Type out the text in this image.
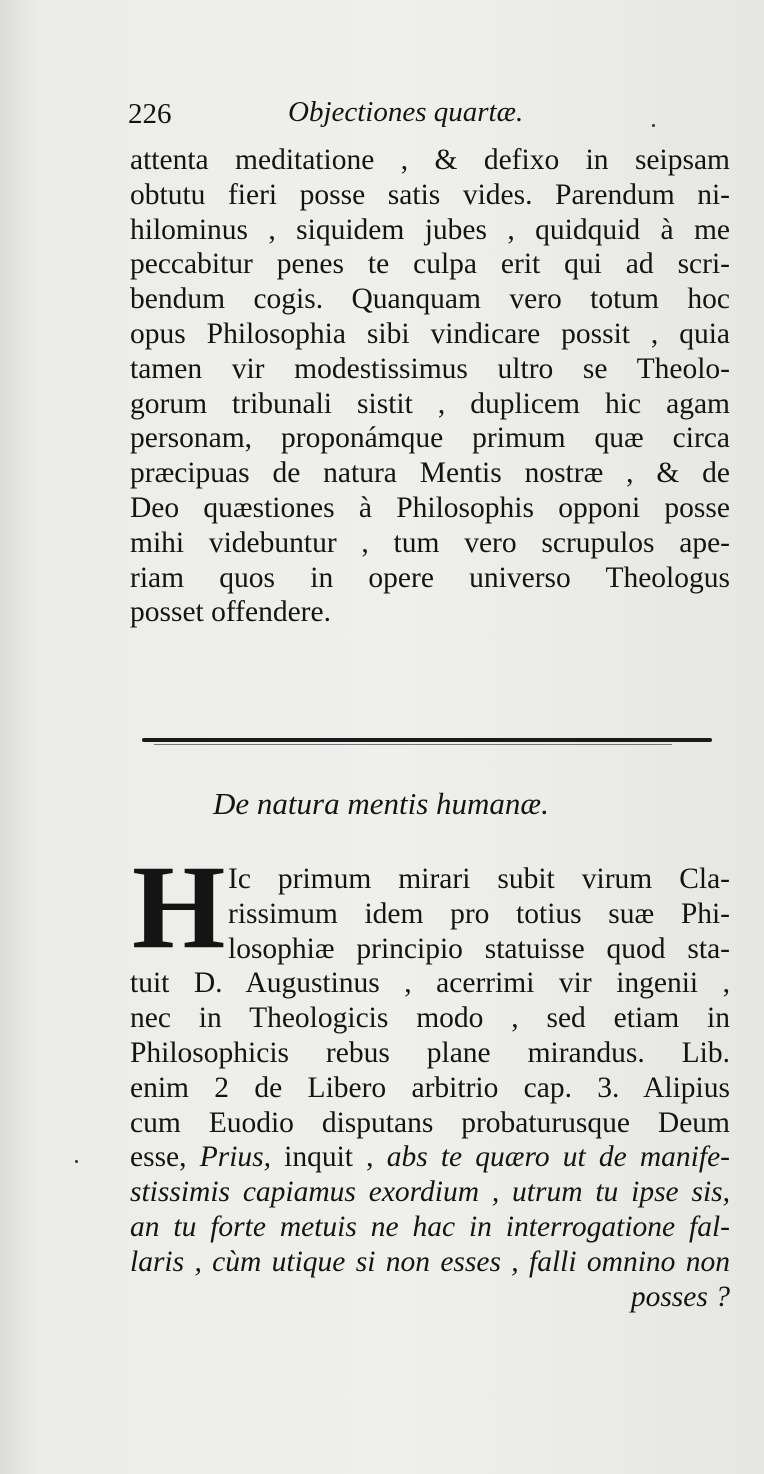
226	Objectiones quartæ.
attenta meditatione , & defixo in seipsam
obtutu fieri posse satis vides. Parendum ni-
hilominus , siquidem jubes , quidquid à me
peccabitur penes te culpa erit qui ad scri-
bendum cogis. Quanquam vero totum hoc
opus Philosophia sibi vindicare possit , quia
tamen vir modestissimus ultro se Theolo-
gorum tribunali sistit , duplicem hic agam
personam, proponámque primum quæ circa
præcipuas de natura Mentis nostræ , & de
Deo quæstiones à Philosophis opponi posse
mihi videbuntur , tum vero scrupulos ape-
riam quos in opere universo Theologus
posset offendere.
De natura mentis humanæ.
H Ic primum mirari subit virum Cla-
rissimum idem pro totius suæ Phi-
losophiæ principio statuisse quod sta-
tuit D. Augustinus , acerrimi vir ingenii ,
nec in Theologicis modo , sed etiam in
Philosophicis rebus plane mirandus. Lib.
enim 2 de Libero arbitrio cap. 3. Alipius
cum Euodio disputans probaturusque Deum
esse, Prius, inquit , abs te quæro ut de manife-
stissimis capiamus exordium , utrum tu ipse sis,
an tu forte metuis ne hac in interrogatione fal-
laris , cùm utique si non esses , falli omnino non
posses ?
